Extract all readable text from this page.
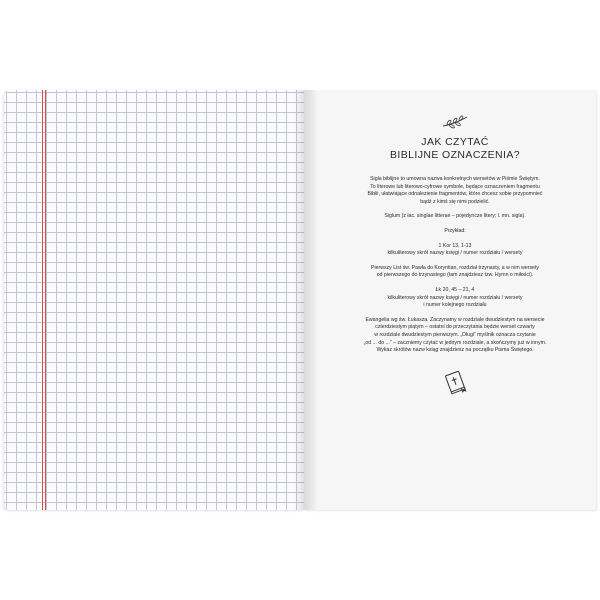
JAK CZYTAĆ
BIBLIJNE OZNACZENIA?

Sigla biblijne to umowna nazwa konkretnych wersetów w Piśmie Świętym.
To literowe lub literowo-cyfrowe symbole, będące oznaczeniem fragmentu
Biblii, ułatwiające odnalezienie fragmentów, które chcesz sobie przypomnieć
bądź z kimś się nimi podzielić.

Siglum (z łac. singlae litterae – pojedyncze litery; l. mn. sigla).

Przykład:

1 Kor 13, 1-13
kilkuliterowy skrót nazwy księgi / numer rozdziału / wersety

Pierwszy List św. Pawła do Koryntian, rozdział trzynasty, a w nim wersety
od pierwszego do trzynastego (tam znajdziesz tzw. Hymn o miłości).

Łk 20, 45 – 21, 4
kilkuliterowy skrót nazwy księgi / numer rozdziału / wersety
i numer kolejnego rozdziału

Ewangelia wg św. Łukasza. Zaczynamy w rozdziale dwudziestym na wersecie
czterdziestym piątym – ostatni do przeczytania będzie werset czwarty
w rozdziale dwudziestym pierwszym. „Długi” myślnik oznacza czytanie
„od ... do ...” – zaczniemy czytać w jednym rozdziale, a skończymy już w innym.
Wykaz skrótów nazw ksiąg znajdziesz na początku Pisma Świętego.
